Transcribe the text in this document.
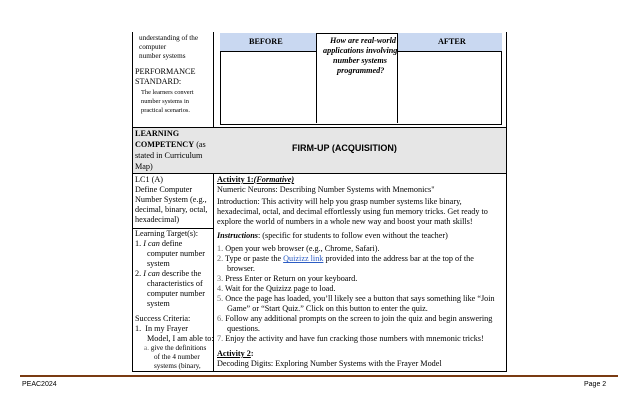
BEFORE	AFTER
How are real-world
applications involving
number systems
programmed?
understanding of the
computer
number systems
PERFORMANCE
STANDARD:
The learners convert
number systems in
practical scenarios.
LEARNING
COMPETENCY (as
stated in Curriculum
Map)
FIRM-UP (ACQUISITION)
LC1 (A)
Define Computer
Number System (e.g.,
decimal, binary, octal,
hexadecimal)
Learning Target(s):
1. I can define
computer number
system
2. I can describe the
characteristics of
computer number
system
Success Criteria:
1. In my Frayer
Model, I am able to:
a. give the definitions
of the 4 number
systems (binary,
Activity 1:(Formative)
Numeric Neurons: Describing Number Systems with Mnemonics"
Introduction: This activity will help you grasp number systems like binary,
hexadecimal, octal, and decimal effortlessly using fun memory tricks. Get ready to
explore the world of numbers in a whole new way and boost your math skills!
Instructions: (specific for students to follow even without the teacher)
1. Open your web browser (e.g., Chrome, Safari).
2. Type or paste the Quizizz link provided into the address bar at the top of the
browser.
3. Press Enter or Return on your keyboard.
4. Wait for the Quizizz page to load.
5. Once the page has loaded, you’ll likely see a button that says something like “Join
Game” or “Start Quiz.” Click on this button to enter the quiz.
6. Follow any additional prompts on the screen to join the quiz and begin answering
questions.
7. Enjoy the activity and have fun cracking those numbers with mnemonic tricks!
Activity 2:
Decoding Digits: Exploring Number Systems with the Frayer Model
PEAC2024	Page 2
